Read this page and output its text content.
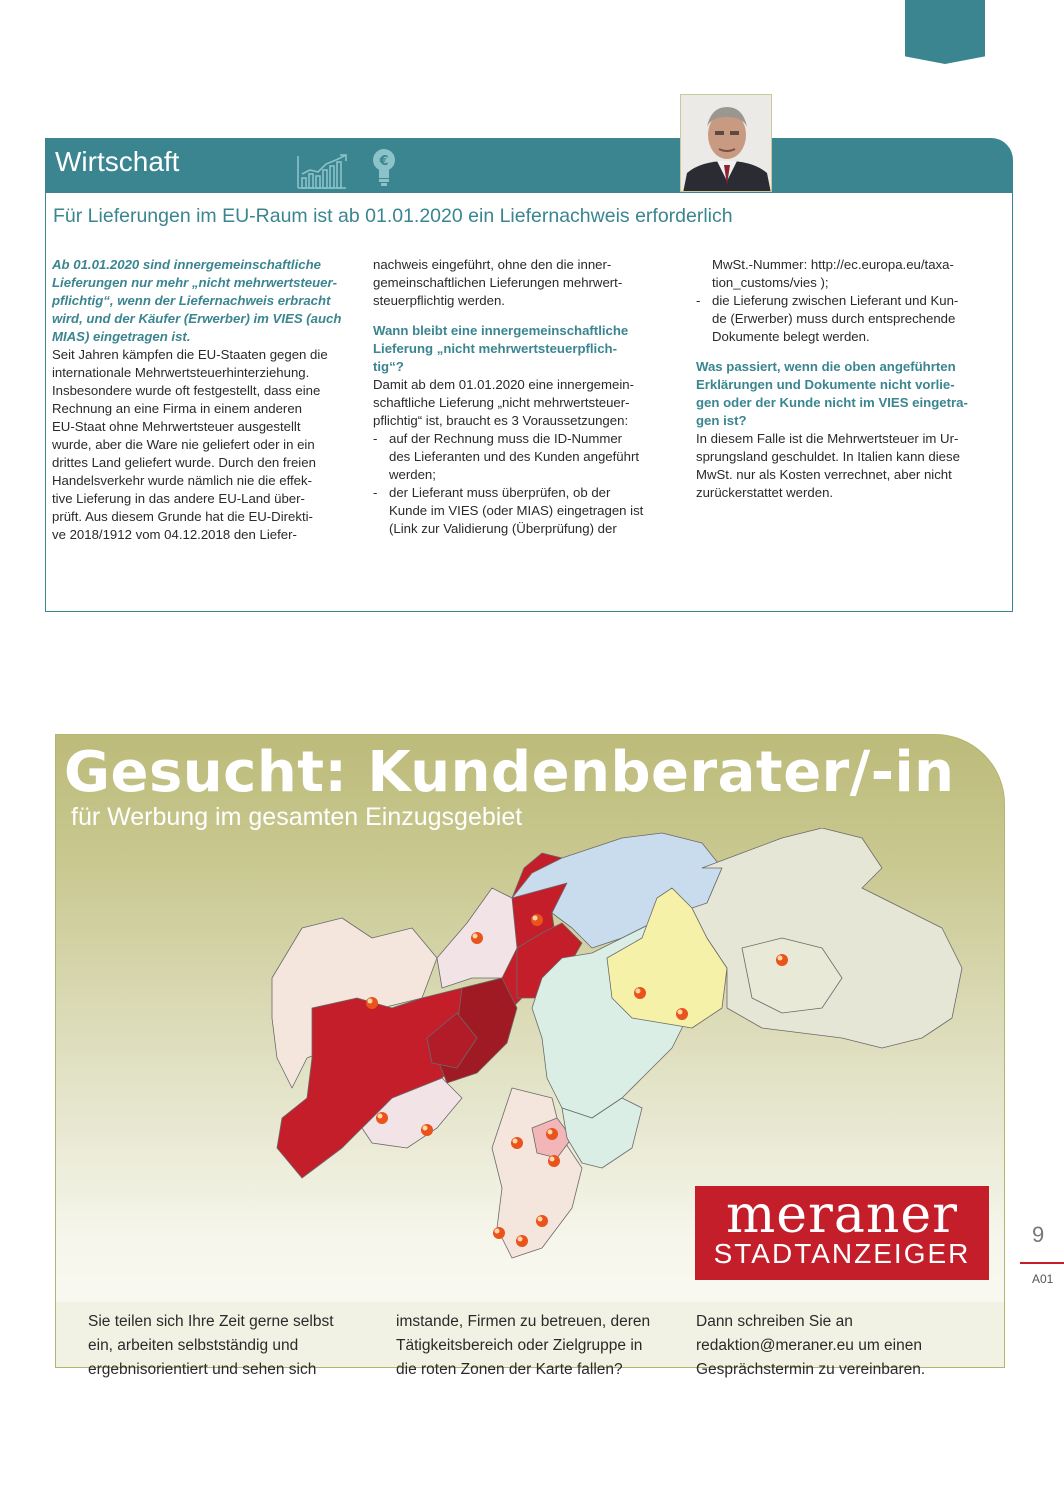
Wirtschaft	€
Für Lieferungen im EU-Raum ist ab 01.01.2020 ein Liefernachweis erforderlich

Ab 01.01.2020 sind innergemeinschaftliche

Lieferungen nur mehr „nicht mehrwertsteuer-

pflichtig“, wenn der Liefernachweis erbracht

wird, und der Käufer (Erwerber) im VIES (auch

MIAS) eingetragen ist.

Seit Jahren kämpfen die EU-Staaten gegen die

internationale Mehrwertsteuerhinterziehung.

Insbesondere wurde oft festgestellt, dass eine

Rechnung an eine Firma in einem anderen

EU-Staat ohne Mehrwertsteuer ausgestellt

wurde, aber die Ware nie geliefert oder in ein

drittes Land geliefert wurde. Durch den freien

Handelsverkehr wurde nämlich nie die effek-

tive Lieferung in das andere EU-Land über-

prüft. Aus diesem Grunde hat die EU-Direkti-

ve 2018/1912 vom 04.12.2018 den Liefer-

nachweis eingeführt, ohne den die inner-

gemeinschaftlichen Lieferungen mehrwert-

steuerpflichtig werden.

Wann bleibt eine innergemeinschaftliche

Lieferung „nicht mehrwertsteuerpflich-

tig“?

Damit ab dem 01.01.2020 eine innergemein-

schaftliche Lieferung „nicht mehrwertsteuer-

pflichtig“ ist, braucht es 3 Voraussetzungen:

- auf der Rechnung muss die ID-Nummer

des Lieferanten und des Kunden angeführt

werden;

- der Lieferant muss überprüfen, ob der

Kunde im VIES (oder MIAS) eingetragen ist

(Link zur Validierung (Überprüfung) der

MwSt.-Nummer: http://ec.europa.eu/taxa-

tion_customs/vies );

- die Lieferung zwischen Lieferant und Kun-

de (Erwerber) muss durch entsprechende

Dokumente belegt werden.

Was passiert, wenn die oben angeführten

Erklärungen und Dokumente nicht vorlie-

gen oder der Kunde nicht im VIES eingetra-

gen ist?

In diesem Falle ist die Mehrwertsteuer im Ur-

sprungsland geschuldet. In Italien kann diese

MwSt. nur als Kosten verrechnet, aber nicht

zurückerstattet werden.

Gesucht: Kundenberater/-in
für Werbung im gesamten Einzugsgebiet
meraner
STADTANZEIGER
Sie teilen sich Ihre Zeit gerne selbst
ein, arbeiten selbstständig und
ergebnisorientiert und sehen sich
imstande, Firmen zu betreuen, deren
Tätigkeitsbereich oder Zielgruppe in
die roten Zonen der Karte fallen?
Dann schreiben Sie an
redaktion@meraner.eu um einen
Gesprächstermin zu vereinbaren.
9
A01
